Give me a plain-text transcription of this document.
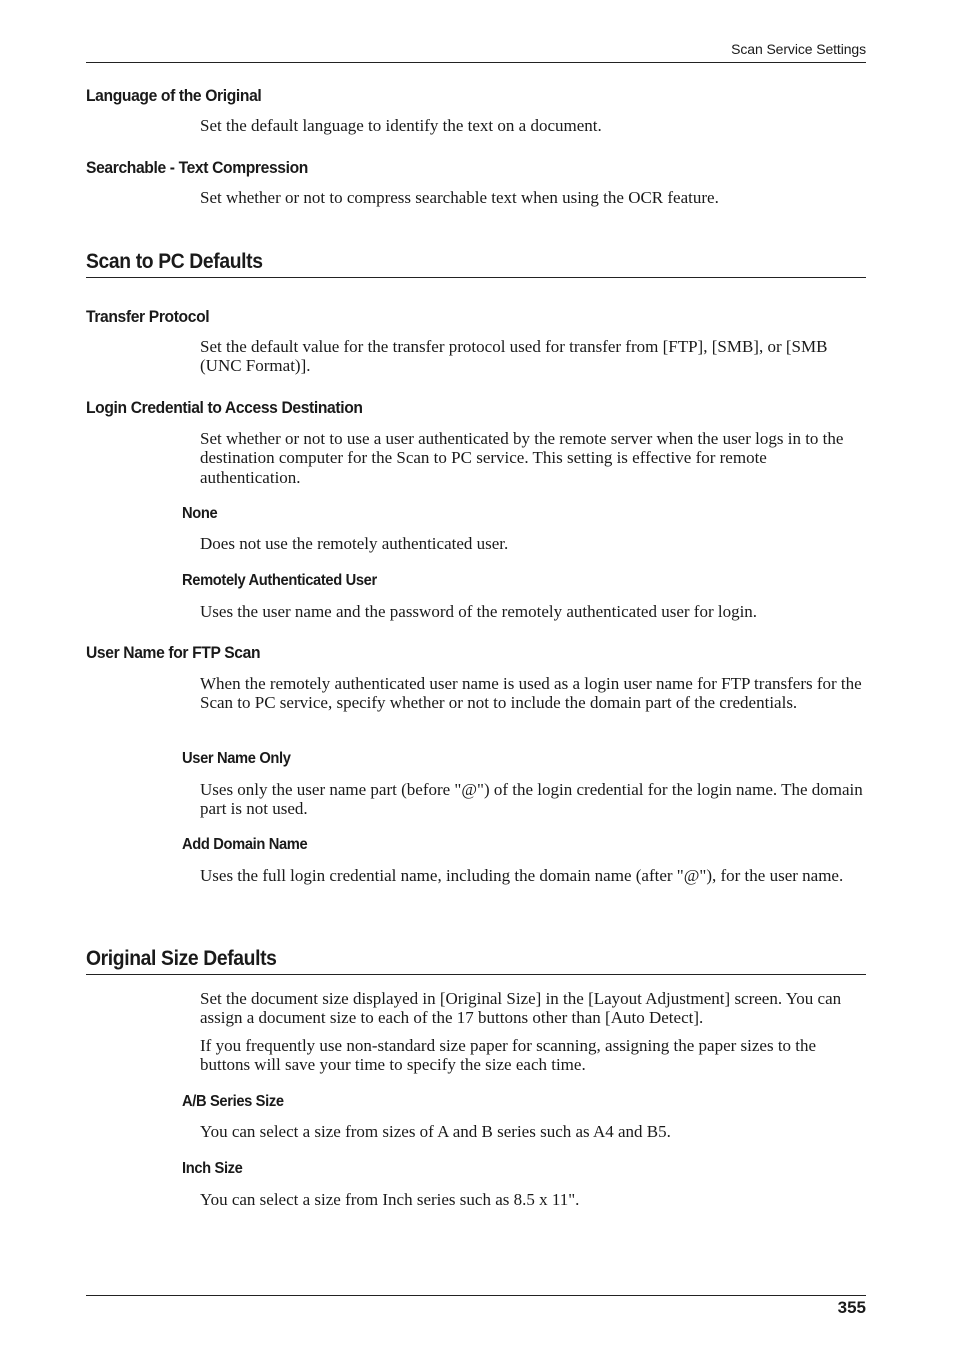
Scan Service Settings
Language of the Original
Set the default language to identify the text on a document.
Searchable - Text Compression
Set whether or not to compress searchable text when using the OCR feature.
Scan to PC Defaults
Transfer Protocol
Set the default value for the transfer protocol used for transfer from [FTP], [SMB], or [SMB (UNC Format)].
Login Credential to Access Destination
Set whether or not to use a user authenticated by the remote server when the user logs in to the destination computer for the Scan to PC service. This setting is effective for remote authentication.
None
Does not use the remotely authenticated user.
Remotely Authenticated User
Uses the user name and the password of the remotely authenticated user for login.
User Name for FTP Scan
When the remotely authenticated user name is used as a login user name for FTP transfers for the Scan to PC service, specify whether or not to include the domain part of the credentials.
User Name Only
Uses only the user name part (before "@") of the login credential for the login name. The domain part is not used.
Add Domain Name
Uses the full login credential name, including the domain name (after "@"), for the user name.
Original Size Defaults
Set the document size displayed in [Original Size] in the [Layout Adjustment] screen. You can assign a document size to each of the 17 buttons other than [Auto Detect].
If you frequently use non-standard size paper for scanning, assigning the paper sizes to the buttons will save your time to specify the size each time.
A/B Series Size
You can select a size from sizes of A and B series such as A4 and B5.
Inch Size
You can select a size from Inch series such as 8.5 x 11".
355
